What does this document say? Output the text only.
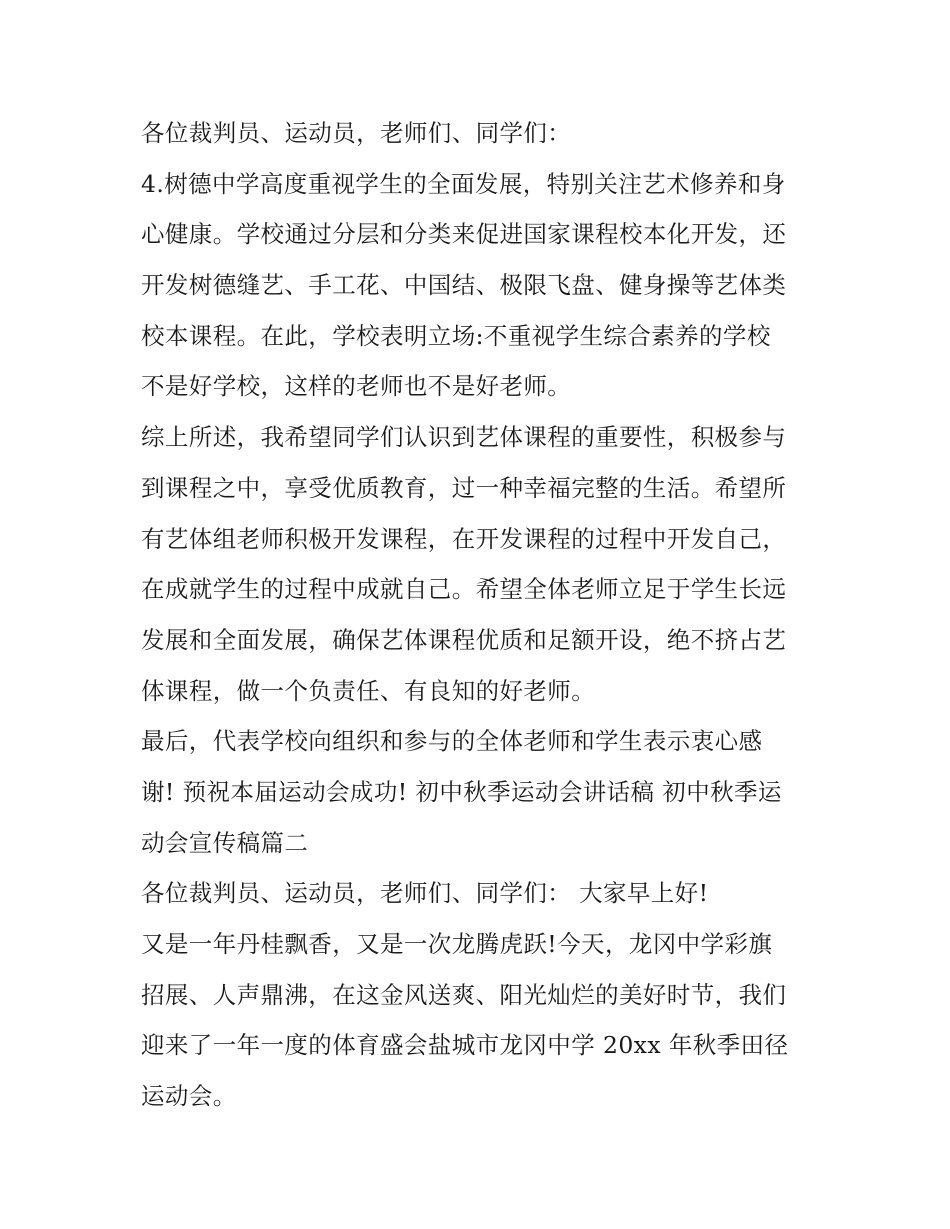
各位裁判员、运动员，老师们、同学们：
4.树德中学高度重视学生的全面发展，特别关注艺术修养和身
心健康。学校通过分层和分类来促进国家课程校本化开发，还
开发树德缝艺、手工花、中国结、极限飞盘、健身操等艺体类
校本课程。在此，学校表明立场:不重视学生综合素养的学校
不是好学校，这样的老师也不是好老师。
综上所述，我希望同学们认识到艺体课程的重要性，积极参与
到课程之中，享受优质教育，过一种幸福完整的生活。希望所
有艺体组老师积极开发课程，在开发课程的过程中开发自己，
在成就学生的过程中成就自己。希望全体老师立足于学生长远
发展和全面发展，确保艺体课程优质和足额开设，绝不挤占艺
体课程，做一个负责任、有良知的好老师。
最后，代表学校向组织和参与的全体老师和学生表示衷心感
谢! 预祝本届运动会成功! 初中秋季运动会讲话稿 初中秋季运
动会宣传稿篇二
各位裁判员、运动员，老师们、同学们： 大家早上好!
又是一年丹桂飘香，又是一次龙腾虎跃!今天，龙冈中学彩旗
招展、人声鼎沸，在这金风送爽、阳光灿烂的美好时节，我们
迎来了一年一度的体育盛会盐城市龙冈中学 20xx 年秋季田径
运动会。
